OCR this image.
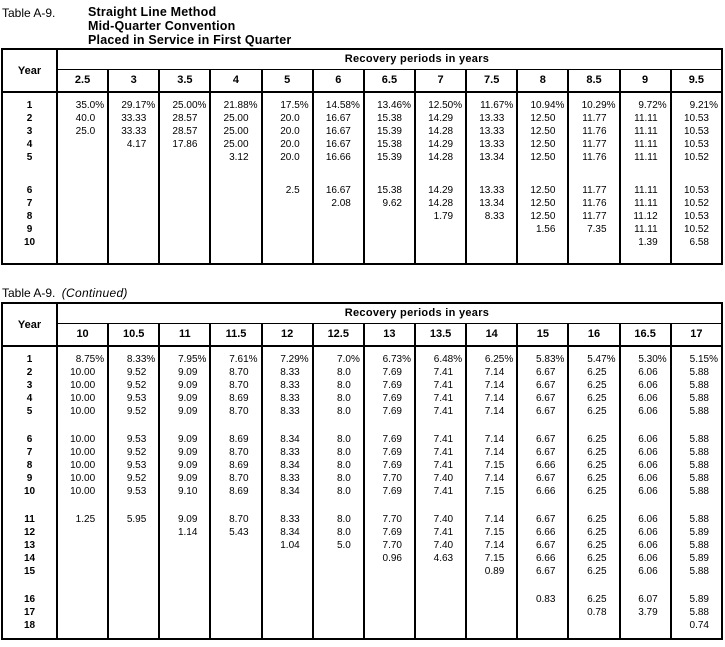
Table A-9.	Straight Line Method
Mid-Quarter Convention
Placed in Service in First Quarter
Year	Recovery periods in years												
	2.5	3	3.5	4	5	6	6.5	7	7.5	8	8.5	9	9.5
1	35.0%	29.17%	25.00%	21.88%	17.5%	14.58%	13.46%	12.50%	11.67%	10.94%	10.29%	9.72%	9.21%
2	40.0	33.33	28.57	25.00	20.0	16.67	15.38	14.29	13.33	12.50	11.77	11.11	10.53
3	25.0	33.33	28.57	25.00	20.0	16.67	15.39	14.28	13.33	12.50	11.76	11.11	10.53
4		4.17	17.86	25.00	20.0	16.67	15.38	14.29	13.33	12.50	11.77	11.11	10.53
5				3.12	20.0	16.66	15.39	14.28	13.34	12.50	11.76	11.11	10.52

6					2.5	16.67	15.38	14.29	13.33	12.50	11.77	11.11	10.53
7						2.08	9.62	14.28	13.34	12.50	11.76	11.11	10.52
8								1.79	8.33	12.50	11.77	11.12	10.53
9										1.56	7.35	11.11	10.52
10												1.39	6.58

Table A-9. (Continued)
Year	Recovery periods in years												
	10	10.5	11	11.5	12	12.5	13	13.5	14	15	16	16.5	17
1	8.75%	8.33%	7.95%	7.61%	7.29%	7.0%	6.73%	6.48%	6.25%	5.83%	5.47%	5.30%	5.15%
2	10.00	9.52	9.09	8.70	8.33	8.0	7.69	7.41	7.14	6.67	6.25	6.06	5.88
3	10.00	9.52	9.09	8.70	8.33	8.0	7.69	7.41	7.14	6.67	6.25	6.06	5.88
4	10.00	9.53	9.09	8.69	8.33	8.0	7.69	7.41	7.14	6.67	6.25	6.06	5.88
5	10.00	9.52	9.09	8.70	8.33	8.0	7.69	7.41	7.14	6.67	6.25	6.06	5.88

6	10.00	9.53	9.09	8.69	8.34	8.0	7.69	7.41	7.14	6.67	6.25	6.06	5.88
7	10.00	9.52	9.09	8.70	8.33	8.0	7.69	7.41	7.14	6.67	6.25	6.06	5.88
8	10.00	9.53	9.09	8.69	8.34	8.0	7.69	7.41	7.15	6.66	6.25	6.06	5.88
9	10.00	9.52	9.09	8.70	8.33	8.0	7.70	7.40	7.14	6.67	6.25	6.06	5.88
10	10.00	9.53	9.10	8.69	8.34	8.0	7.69	7.41	7.15	6.66	6.25	6.06	5.88

11	1.25	5.95	9.09	8.70	8.33	8.0	7.70	7.40	7.14	6.67	6.25	6.06	5.88
12			1.14	5.43	8.34	8.0	7.69	7.41	7.15	6.66	6.25	6.06	5.89
13					1.04	5.0	7.70	7.40	7.14	6.67	6.25	6.06	5.88
14							0.96	4.63	7.15	6.66	6.25	6.06	5.89
15									0.89	6.67	6.25	6.06	5.88

16										0.83	6.25	6.07	5.89
17											0.78	3.79	5.88
18													0.74
